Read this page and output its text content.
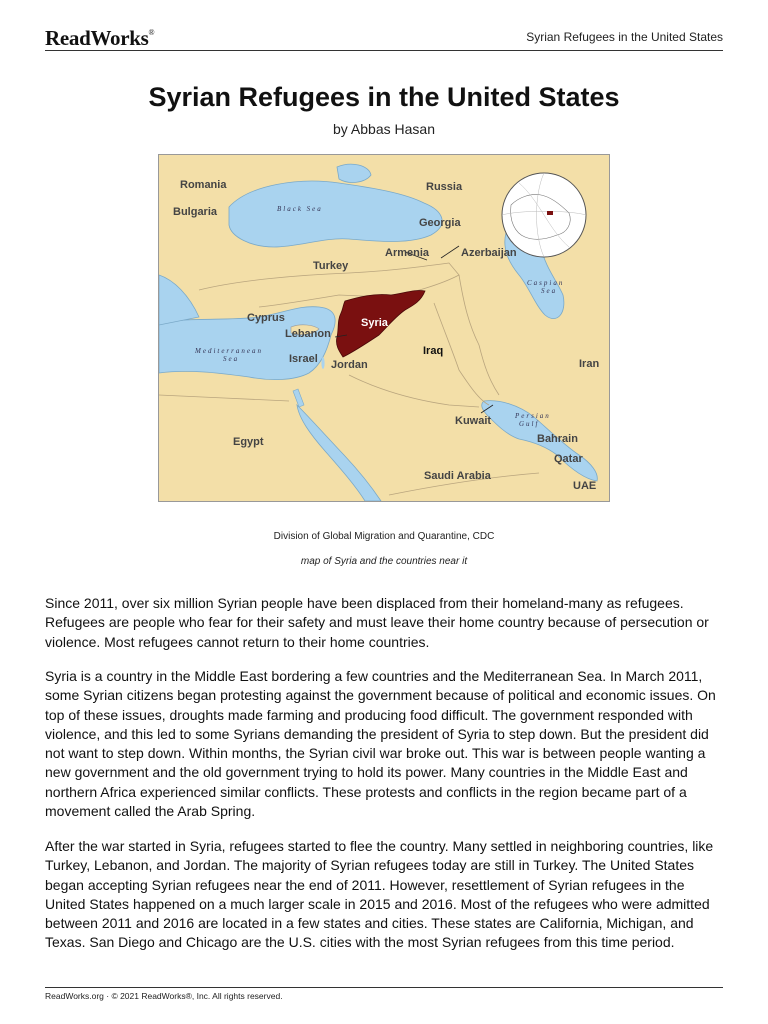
ReadWorks®	Syrian Refugees in the United States
Syrian Refugees in the United States
by Abbas Hasan
Romania	Russia
Bulgaria
Georgia
Armenia	Azerbaijan
Turkey
Cyprus	Syria
Lebanon
Iraq
Iran
Israel Jordan
Egypt
Kuwait
Bahrain
Qatar
Saudi Arabia
UAE
Black Sea
Caspian
Sea
Mediterranean
Sea
Persian
Gulf
Division of Global Migration and Quarantine, CDC
map of Syria and the countries near it

Since 2011, over six million Syrian people have been displaced from their homeland-many as refugees. Refugees are people who fear for their safety and must leave their home country because of persecution or violence. Most refugees cannot return to their home countries.

Syria is a country in the Middle East bordering a few countries and the Mediterranean Sea. In March 2011, some Syrian citizens began protesting against the government because of political and economic issues. On top of these issues, droughts made farming and producing food difficult. The government responded with violence, and this led to some Syrians demanding the president of Syria to step down. But the president did not want to step down. Within months, the Syrian civil war broke out. This war is between people wanting a new government and the old government trying to hold its power. Many countries in the Middle East and northern Africa experienced similar conflicts. These protests and conflicts in the region became part of a movement called the Arab Spring.

After the war started in Syria, refugees started to flee the country. Many settled in neighboring countries, like Turkey, Lebanon, and Jordan. The majority of Syrian refugees today are still in Turkey. The United States began accepting Syrian refugees near the end of 2011. However, resettlement of Syrian refugees in the United States happened on a much larger scale in 2015 and 2016. Most of the refugees who were admitted between 2011 and 2016 are located in a few states and cities. These states are California, Michigan, and Texas. San Diego and Chicago are the U.S. cities with the most Syrian refugees from this time period.

ReadWorks.org · © 2021 ReadWorks®, Inc. All rights reserved.
